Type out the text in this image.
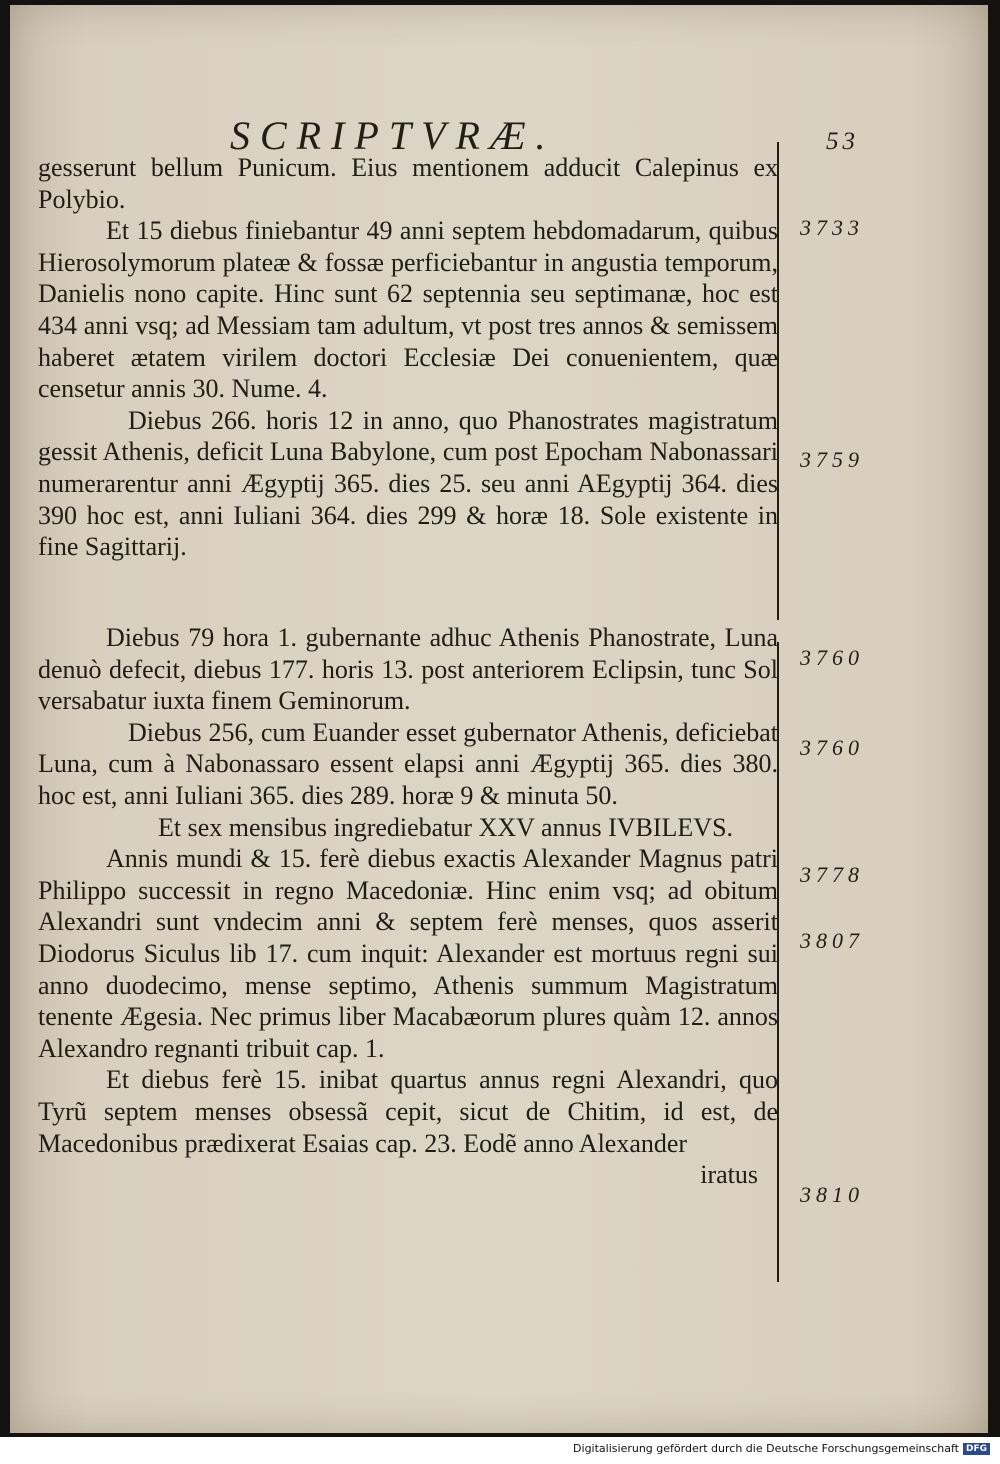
SCRIPTVRÆ.	53

gesserunt bellum Punicum. Eius mentionem adducit Calepinus ex Polybio.

Et 15 diebus finiebantur 49 anni septem hebdomadarum, quibus Hierosolymorum plateæ & fossæ perficiebantur in angustia temporum, Danielis nono capite. Hinc sunt 62 septennia seu septimanæ, hoc est 434 anni vsq; ad Messiam tam adultum, vt post tres annos & semissem haberet ætatem virilem doctori Ecclesiæ Dei conuenientem, quæ censetur annis 30. Nume. 4.

Diebus 266. horis 12 in anno, quo Phanostrates magistratum gessit Athenis, deficit Luna Babylone, cum post Epocham Nabonassari numerarentur anni Ægyptij 365. dies 25. seu anni AEgyptij 364. dies 390 hoc est, anni Iuliani 364. dies 299 & horæ 18. Sole existente in fine Sagittarij.

Diebus 79 hora 1. gubernante adhuc Athenis Phanostrate, Luna denuò defecit, diebus 177. horis 13. post anteriorem Eclipsin, tunc Sol versabatur iuxta finem Geminorum.

Diebus 256, cum Euander esset gubernator Athenis, deficiebat Luna, cum à Nabonassaro essent elapsi anni Ægyptij 365. dies 380. hoc est, anni Iuliani 365. dies 289. horæ 9 & minuta 50.

Et sex mensibus ingrediebatur XXV annus IVBILEVS.

Annis mundi & 15. ferè diebus exactis Alexander Magnus patri Philippo successit in regno Macedoniæ. Hinc enim vsq; ad obitum Alexandri sunt vndecim anni & septem ferè menses, quos asserit Diodorus Siculus lib 17. cum inquit: Alexander est mortuus regni sui anno duodecimo, mense septimo, Athenis summum Magistratum tenente Ægesia. Nec primus liber Macabæorum plures quàm 12. annos Alexandro regnanti tribuit cap. 1.

Et diebus ferè 15. inibat quartus annus regni Alexandri, quo Tyrũ septem menses obsessã cepit, sicut de Chitim, id est, de Macedonibus prædixerat Esaias cap. 23. Eodẽ anno Alexander

iratus

3733
3759
3760
3760
3778
3807
3810
Digitalisierung gefördert durch die Deutsche Forschungsgemeinschaft DFG
